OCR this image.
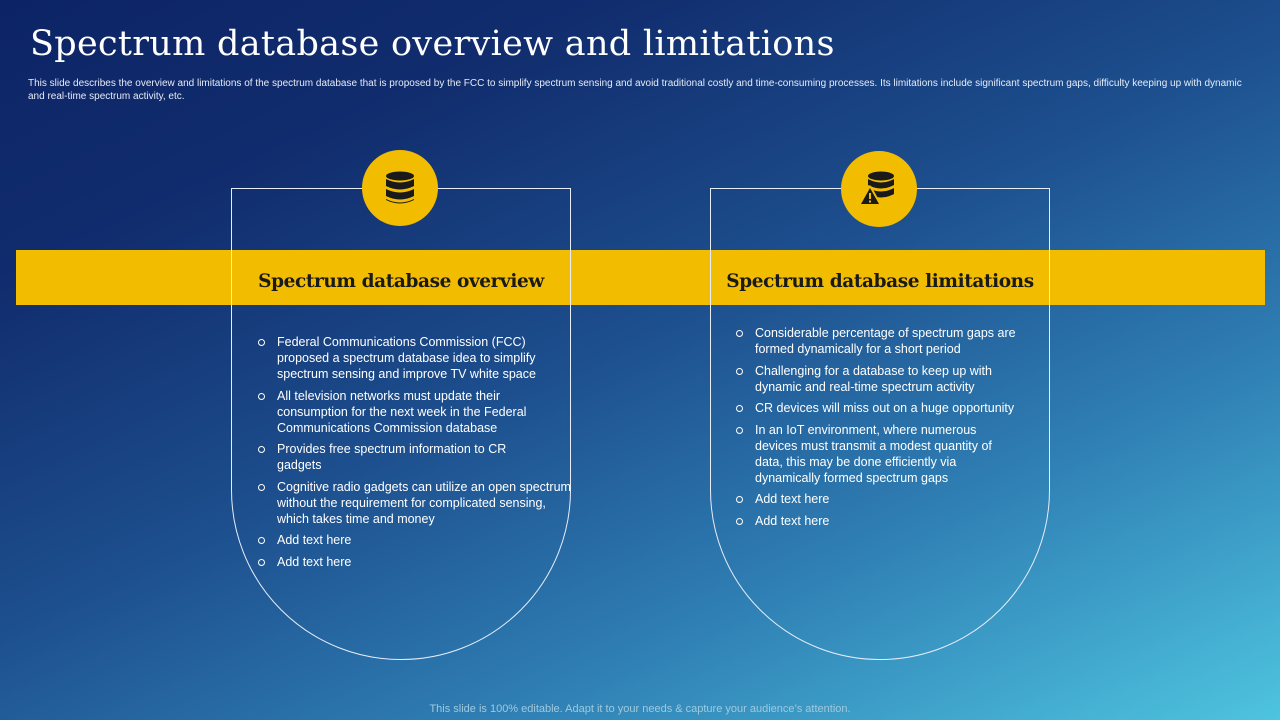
Spectrum database overview and limitations

This slide describes the overview and limitations of the spectrum database that is proposed by the FCC to simplify spectrum sensing and avoid traditional costly and time-consuming processes. Its limitations include significant spectrum gaps, difficulty keeping up with dynamic and real-time spectrum activity, etc.

Spectrum database overview
Federal Communications Commission (FCC) proposed a spectrum database idea to simplify spectrum sensing and improve TV white space
All television networks must update their consumption for the next week in the Federal Communications Commission database
Provides free spectrum information to CR gadgets
Cognitive radio gadgets can utilize an open spectrum without the requirement for complicated sensing, which takes time and money
Add text here
Add text here
Spectrum database limitations
Considerable percentage of spectrum gaps are formed dynamically for a short period
Challenging for a database to keep up with dynamic and real-time spectrum activity
CR devices will miss out on a huge opportunity
In an IoT environment, where numerous devices must transmit a modest quantity of data, this may be done efficiently via dynamically formed spectrum gaps
Add text here
Add text here
This slide is 100% editable. Adapt it to your needs & capture your audience’s attention.
